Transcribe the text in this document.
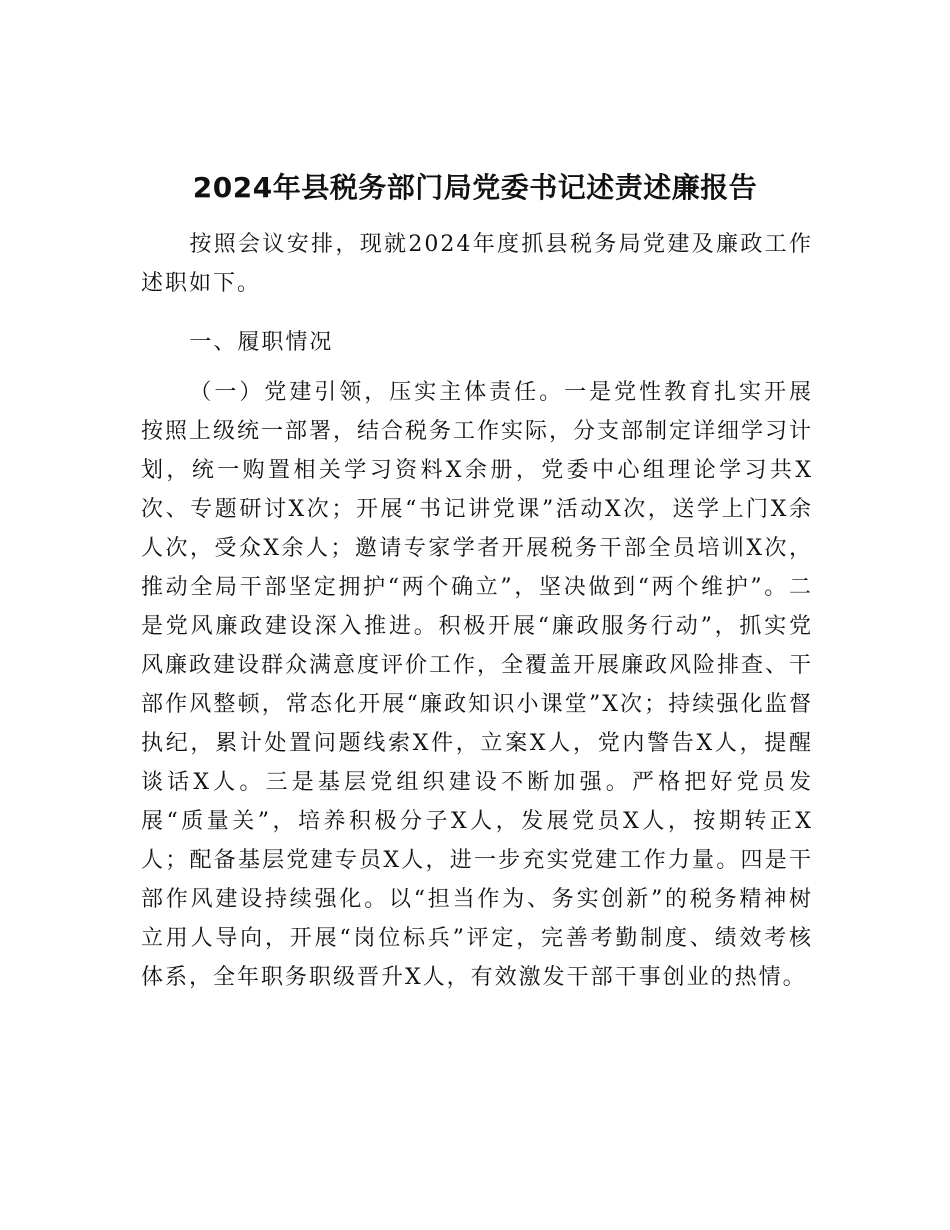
2024年县税务部门局党委书记述责述廉报告

按照会议安排，现就2024年度抓县税务局党建及廉政工作述职如下。

一、履职情况

（一）党建引领，压实主体责任。一是党性教育扎实开展按照上级统一部署，结合税务工作实际，分支部制定详细学习计划，统一购置相关学习资料X余册，党委中心组理论学习共X次、专题研讨X次；开展“书记讲党课”活动X次，送学上门X余人次，受众X余人；邀请专家学者开展税务干部全员培训X次，推动全局干部坚定拥护“两个确立”，坚决做到“两个维护”。二是党风廉政建设深入推进。积极开展“廉政服务行动”，抓实党风廉政建设群众满意度评价工作，全覆盖开展廉政风险排查、干部作风整顿，常态化开展“廉政知识小课堂”X次；持续强化监督执纪，累计处置问题线索X件，立案X人，党内警告X人，提醒谈话X人。三是基层党组织建设不断加强。严格把好党员发展“质量关”，培养积极分子X人，发展党员X人，按期转正X人；配备基层党建专员X人，进一步充实党建工作力量。四是干部作风建设持续强化。以“担当作为、务实创新”的税务精神树立用人导向，开展“岗位标兵”评定，完善考勤制度、绩效考核体系，全年职务职级晋升X人，有效激发干部干事创业的热情。
